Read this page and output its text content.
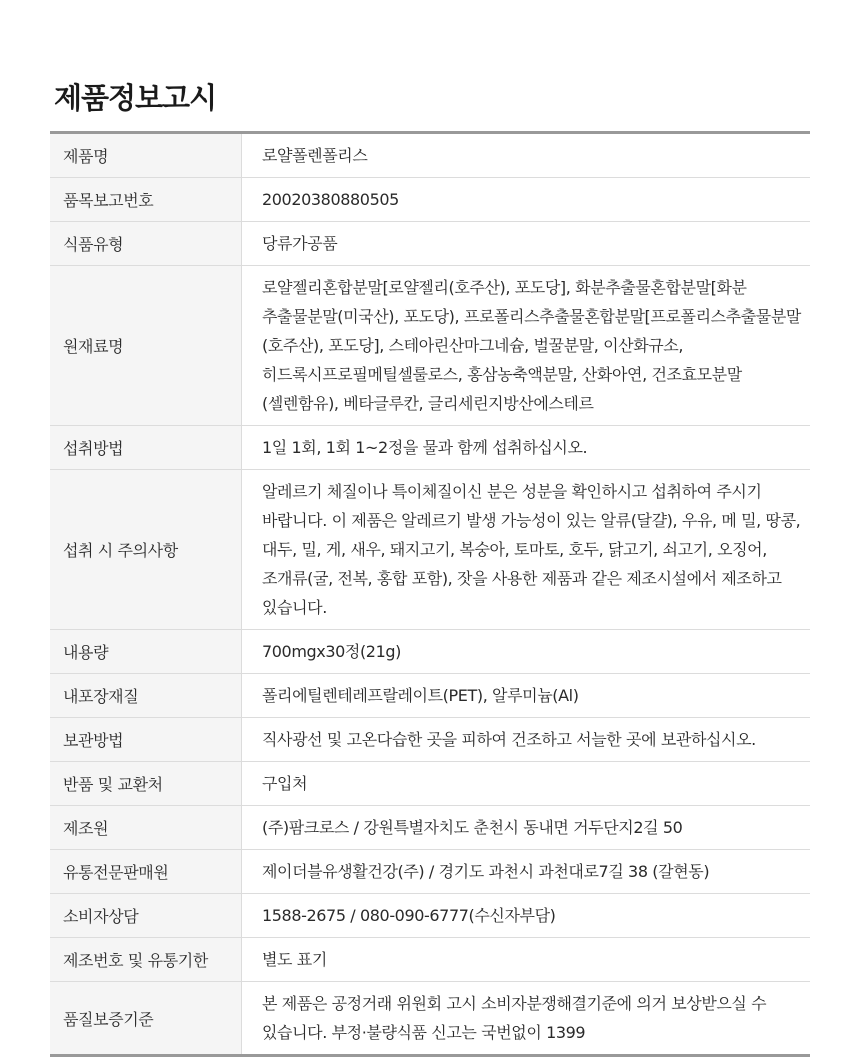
제품정보고시
제품명	로얄폴렌폴리스
품목보고번호	20020380880505
식품유형	당류가공품
원재료명	로얄젤리혼합분말[로얄젤리(호주산), 포도당], 화분추출물혼합분말[화분 추출물분말(미국산), 포도당), 프로폴리스추출물혼합분말[프로폴리스추출물분말(호주산), 포도당], 스테아린산마그네슘, 벌꿀분말, 이산화규소, 히드록시프로필메틸셀룰로스, 홍삼농축액분말, 산화아연, 건조효모분말(셀렌함유), 베타글루칸, 글리세린지방산에스테르
섭취방법	1일 1회, 1회 1~2정을 물과 함께 섭취하십시오.
섭취 시 주의사항	알레르기 체질이나 특이체질이신 분은 성분을 확인하시고 섭취하여 주시기 바랍니다. 이 제품은 알레르기 발생 가능성이 있는 알류(달걀), 우유, 메 밀, 땅콩, 대두, 밀, 게, 새우, 돼지고기, 복숭아, 토마토, 호두, 닭고기, 쇠고기, 오징어, 조개류(굴, 전복, 홍합 포함), 잣을 사용한 제품과 같은 제조시설에서 제조하고 있습니다.
내용량	700mgx30정(21g)
내포장재질	폴리에틸렌테레프랄레이트(PET), 알루미늄(Al)
보관방법	직사광선 및 고온다습한 곳을 피하여 건조하고 서늘한 곳에 보관하십시오.
반품 및 교환처	구입처
제조원	(주)팜크로스 / 강원특별자치도 춘천시 동내면 거두단지2길 50
유통전문판매원	제이더블유생활건강(주) / 경기도 과천시 과천대로7길 38 (갈현동)
소비자상담	1588-2675 / 080-090-6777(수신자부담)
제조번호 및 유통기한	별도 표기
품질보증기준	본 제품은 공정거래 위원회 고시 소비자분쟁해결기준에 의거 보상받으실 수 있습니다. 부정·불량식품 신고는 국번없이 1399
